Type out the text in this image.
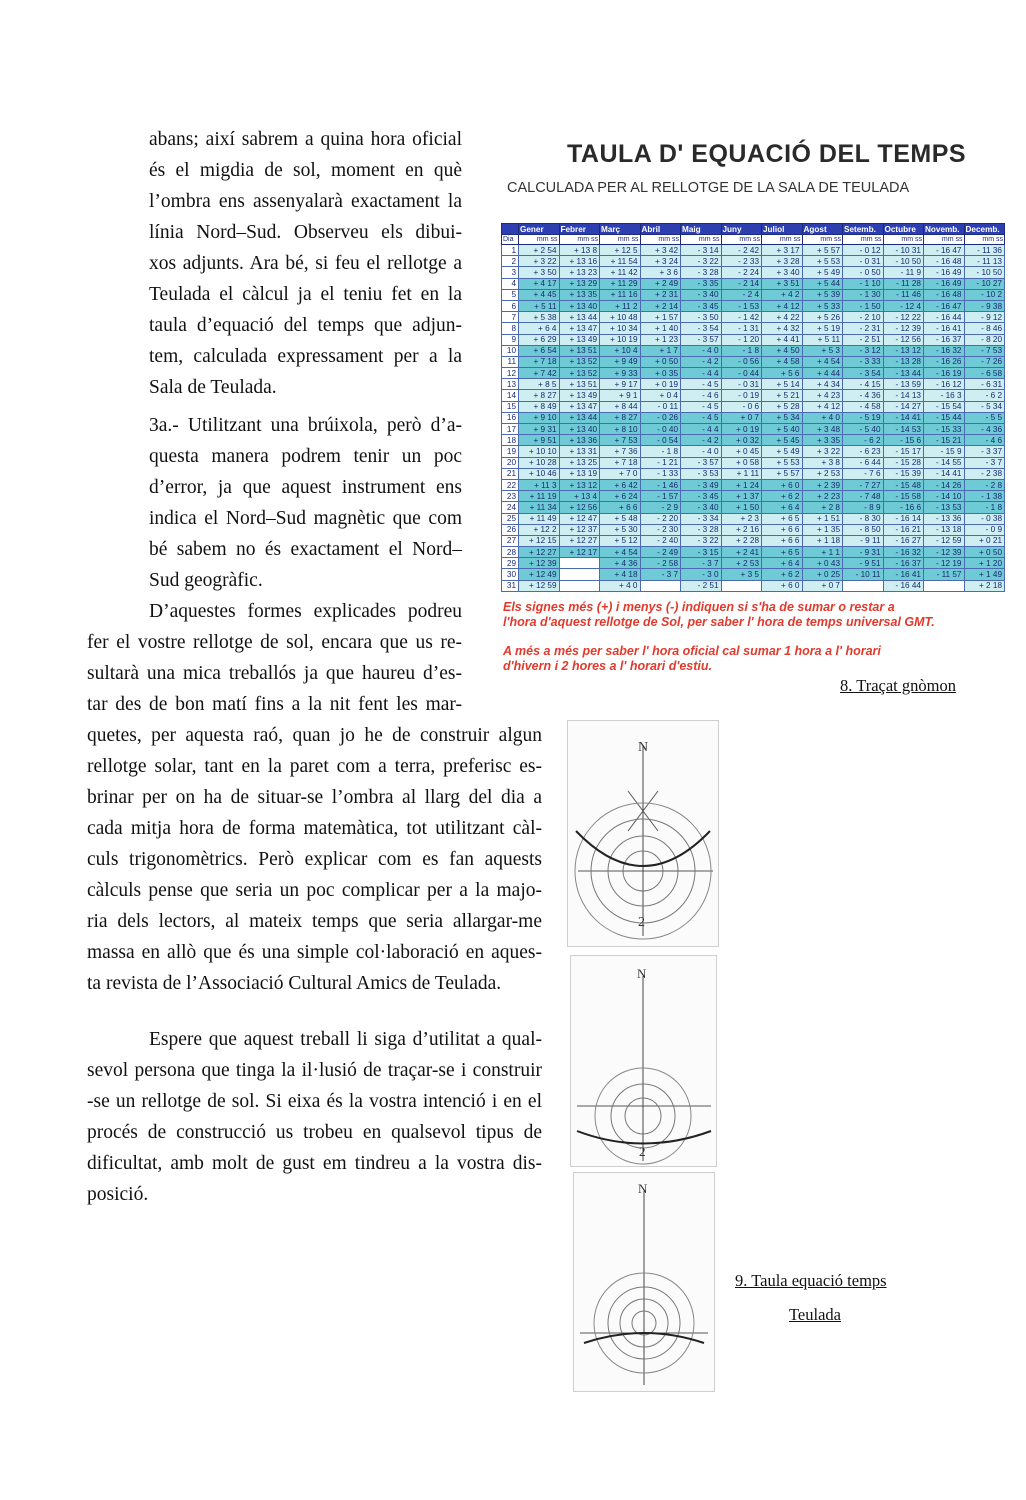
abans; així sabrem a quina hora oficial
és el migdia de sol, moment en què
l’ombra ens assenyalarà exactament la
línia Nord–Sud. Observeu els dibui-
xos adjunts. Ara bé, si feu el rellotge a
Teulada el càlcul ja el teniu fet en la
taula d’equació del temps que adjun-
tem, calculada expressament per a la
Sala de Teulada.
3a.- Utilitzant una brúixola, però d’a-
questa manera podrem tenir un poc
d’error, ja que aquest instrument ens
indica el Nord–Sud magnètic que com
bé sabem no és exactament el Nord–
Sud geogràfic.
D’aquestes formes explicades podreu
fer el vostre rellotge de sol, encara que us re-
sultarà una mica treballós ja que haureu d’es-
tar des de bon matí fins a la nit fent les mar-
quetes, per aquesta raó, quan jo he de construir algun
rellotge solar, tant en la paret com a terra, preferisc es-
brinar per on ha de situar-se l’ombra al llarg del dia a
cada mitja hora de forma matemàtica, tot utilitzant càl-
culs trigonomètrics. Però explicar com es fan aquests
càlculs pense que seria un poc complicar per a la majo-
ria dels lectors, al mateix temps que seria allargar-me
massa en allò que és una simple col·laboració en aques-
ta revista de l’Associació Cultural Amics de Teulada.
Espere que aquest treball li siga d’utilitat a qual-
sevol persona que tinga la il·lusió de traçar-se i construir
-se un rellotge de sol. Si eixa és la vostra intenció i en el
procés de construcció us trobeu en qualsevol tipus de
dificultat, amb molt de gust em tindreu a la vostra dis-
posició.
TAULA D' EQUACIÓ DEL TEMPS
CALCULADA PER AL RELLOTGE DE LA SALA DE TEULADA
	Gener	Febrer	Març	Abril	Maig	Juny	Juliol	Agost	Setemb.	Octubre	Novemb.	Decemb.
Dia	mm ss	mm ss	mm ss	mm ss	mm ss	mm ss	mm ss	mm ss	mm ss	mm ss	mm ss	mm ss
1	+ 2 54	+ 13 8	+ 12 5	+ 3 42	- 3 14	- 2 42	+ 3 17	+ 5 57	- 0 12	- 10 31	- 16 47	- 11 36
2	+ 3 22	+ 13 16	+ 11 54	+ 3 24	- 3 22	- 2 33	+ 3 28	+ 5 53	- 0 31	- 10 50	- 16 48	- 11 13
3	+ 3 50	+ 13 23	+ 11 42	+ 3 6	- 3 28	- 2 24	+ 3 40	+ 5 49	- 0 50	- 11 9	- 16 49	- 10 50
4	+ 4 17	+ 13 29	+ 11 29	+ 2 49	- 3 35	- 2 14	+ 3 51	+ 5 44	- 1 10	- 11 28	- 16 49	- 10 27
5	+ 4 45	+ 13 35	+ 11 16	+ 2 31	- 3 40	- 2 4	+ 4 2	+ 5 39	- 1 30	- 11 46	- 16 48	- 10 2
6	+ 5 11	+ 13 40	+ 11 2	+ 2 14	- 3 45	- 1 53	+ 4 12	+ 5 33	- 1 50	- 12 4	- 16 47	- 9 38
7	+ 5 38	+ 13 44	+ 10 48	+ 1 57	- 3 50	- 1 42	+ 4 22	+ 5 26	- 2 10	- 12 22	- 16 44	- 9 12
8	+ 6 4	+ 13 47	+ 10 34	+ 1 40	- 3 54	- 1 31	+ 4 32	+ 5 19	- 2 31	- 12 39	- 16 41	- 8 46
9	+ 6 29	+ 13 49	+ 10 19	+ 1 23	- 3 57	- 1 20	+ 4 41	+ 5 11	- 2 51	- 12 56	- 16 37	- 8 20
10	+ 6 54	+ 13 51	+ 10 4	+ 1 7	- 4 0	- 1 8	+ 4 50	+ 5 3	- 3 12	- 13 12	- 16 32	- 7 53
11	+ 7 18	+ 13 52	+ 9 49	+ 0 50	- 4 2	- 0 56	+ 4 58	+ 4 54	- 3 33	- 13 28	- 16 26	- 7 26
12	+ 7 42	+ 13 52	+ 9 33	+ 0 35	- 4 4	- 0 44	+ 5 6	+ 4 44	- 3 54	- 13 44	- 16 19	- 6 58
13	+ 8 5	+ 13 51	+ 9 17	+ 0 19	- 4 5	- 0 31	+ 5 14	+ 4 34	- 4 15	- 13 59	- 16 12	- 6 31
14	+ 8 27	+ 13 49	+ 9 1	+ 0 4	- 4 6	- 0 19	+ 5 21	+ 4 23	- 4 36	- 14 13	- 16 3	- 6 2
15	+ 8 49	+ 13 47	+ 8 44	- 0 11	- 4 5	- 0 6	+ 5 28	+ 4 12	- 4 58	- 14 27	- 15 54	- 5 34
16	+ 9 10	+ 13 44	+ 8 27	- 0 26	- 4 5	+ 0 7	+ 5 34	+ 4 0	- 5 19	- 14 41	- 15 44	- 5 5
17	+ 9 31	+ 13 40	+ 8 10	- 0 40	- 4 4	+ 0 19	+ 5 40	+ 3 48	- 5 40	- 14 53	- 15 33	- 4 36
18	+ 9 51	+ 13 36	+ 7 53	- 0 54	- 4 2	+ 0 32	+ 5 45	+ 3 35	- 6 2	- 15 6	- 15 21	- 4 6
19	+ 10 10	+ 13 31	+ 7 36	- 1 8	- 4 0	+ 0 45	+ 5 49	+ 3 22	- 6 23	- 15 17	- 15 9	- 3 37
20	+ 10 28	+ 13 25	+ 7 18	- 1 21	- 3 57	+ 0 58	+ 5 53	+ 3 8	- 6 44	- 15 28	- 14 55	- 3 7
21	+ 10 46	+ 13 19	+ 7 0	- 1 33	- 3 53	+ 1 11	+ 5 57	+ 2 53	- 7 6	- 15 39	- 14 41	- 2 38
22	+ 11 3	+ 13 12	+ 6 42	- 1 46	- 3 49	+ 1 24	+ 6 0	+ 2 39	- 7 27	- 15 48	- 14 26	- 2 8
23	+ 11 19	+ 13 4	+ 6 24	- 1 57	- 3 45	+ 1 37	+ 6 2	+ 2 23	- 7 48	- 15 58	- 14 10	- 1 38
24	+ 11 34	+ 12 56	+ 6 6	- 2 9	- 3 40	+ 1 50	+ 6 4	+ 2 8	- 8 9	- 16 6	- 13 53	- 1 8
25	+ 11 49	+ 12 47	+ 5 48	- 2 20	- 3 34	+ 2 3	+ 6 5	+ 1 51	- 8 30	- 16 14	- 13 36	- 0 38
26	+ 12 2	+ 12 37	+ 5 30	- 2 30	- 3 28	+ 2 16	+ 6 6	+ 1 35	- 8 50	- 16 21	- 13 18	- 0 9
27	+ 12 15	+ 12 27	+ 5 12	- 2 40	- 3 22	+ 2 28	+ 6 6	+ 1 18	- 9 11	- 16 27	- 12 59	+ 0 21
28	+ 12 27	+ 12 17	+ 4 54	- 2 49	- 3 15	+ 2 41	+ 6 5	+ 1 1	- 9 31	- 16 32	- 12 39	+ 0 50
29	+ 12 39		+ 4 36	- 2 58	- 3 7	+ 2 53	+ 6 4	+ 0 43	- 9 51	- 16 37	- 12 19	+ 1 20
30	+ 12 49		+ 4 18	- 3 7	- 3 0	+ 3 5	+ 6 2	+ 0 25	- 10 11	- 16 41	- 11 57	+ 1 49
31	+ 12 59		+ 4 0		- 2 51		+ 6 0	+ 0 7		- 16 44		+ 2 18
Els signes més (+) i menys (-) indiquen si s'ha de sumar o restar a
l'hora d'aquest rellotge de Sol, per saber l' hora de temps universal GMT.
A més a més per saber l' hora oficial cal sumar 1 hora a l' horari
d'hivern i 2 hores a l' horari d'estiu.
8. Traçat gnòmon
N
2
N
2
N
9. Taula equació temps
Teulada
